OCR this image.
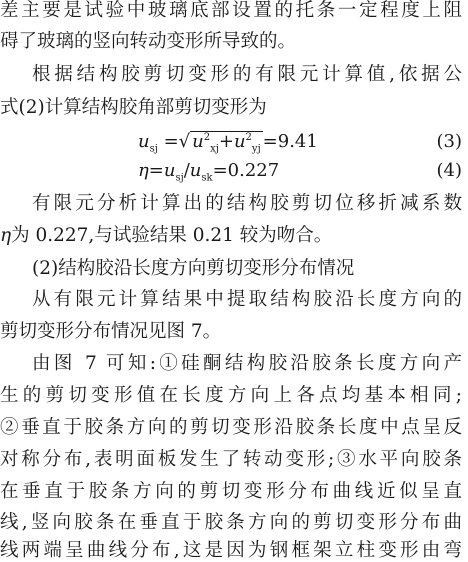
差主要是试验中玻璃底部设置的托条一定程度上阻
碍了玻璃的竖向转动变形所导致的。
根据结构胶剪切变形的有限元计算值,依据公
式(2)计算结构胶角部剪切变形为
$u_{sj}$ =√ $u^2_{xj}+u^2_{yj} =9.41$	(3)
$\eta=u_{sj}/u_{sk}=0.227$	(4)
有限元分析计算出的结构胶剪切位移折减系数
η为 0.227,与试验结果 0.21 较为吻合。
(2)结构胶沿长度方向剪切变形分布情况
从有限元计算结果中提取结构胶沿长度方向的
剪切变形分布情况见图 7。
由图 7 可知:①硅酮结构胶沿胶条长度方向产
生的剪切变形值在长度方向上各点均基本相同;
②垂直于胶条方向的剪切变形沿胶条长度中点呈反
对称分布,表明面板发生了转动变形;③水平向胶条
在垂直于胶条方向的剪切变形分布曲线近似呈直
线,竖向胶条在垂直于胶条方向的剪切变形分布曲
线两端呈曲线分布,这是因为钢框架立柱变形由弯
